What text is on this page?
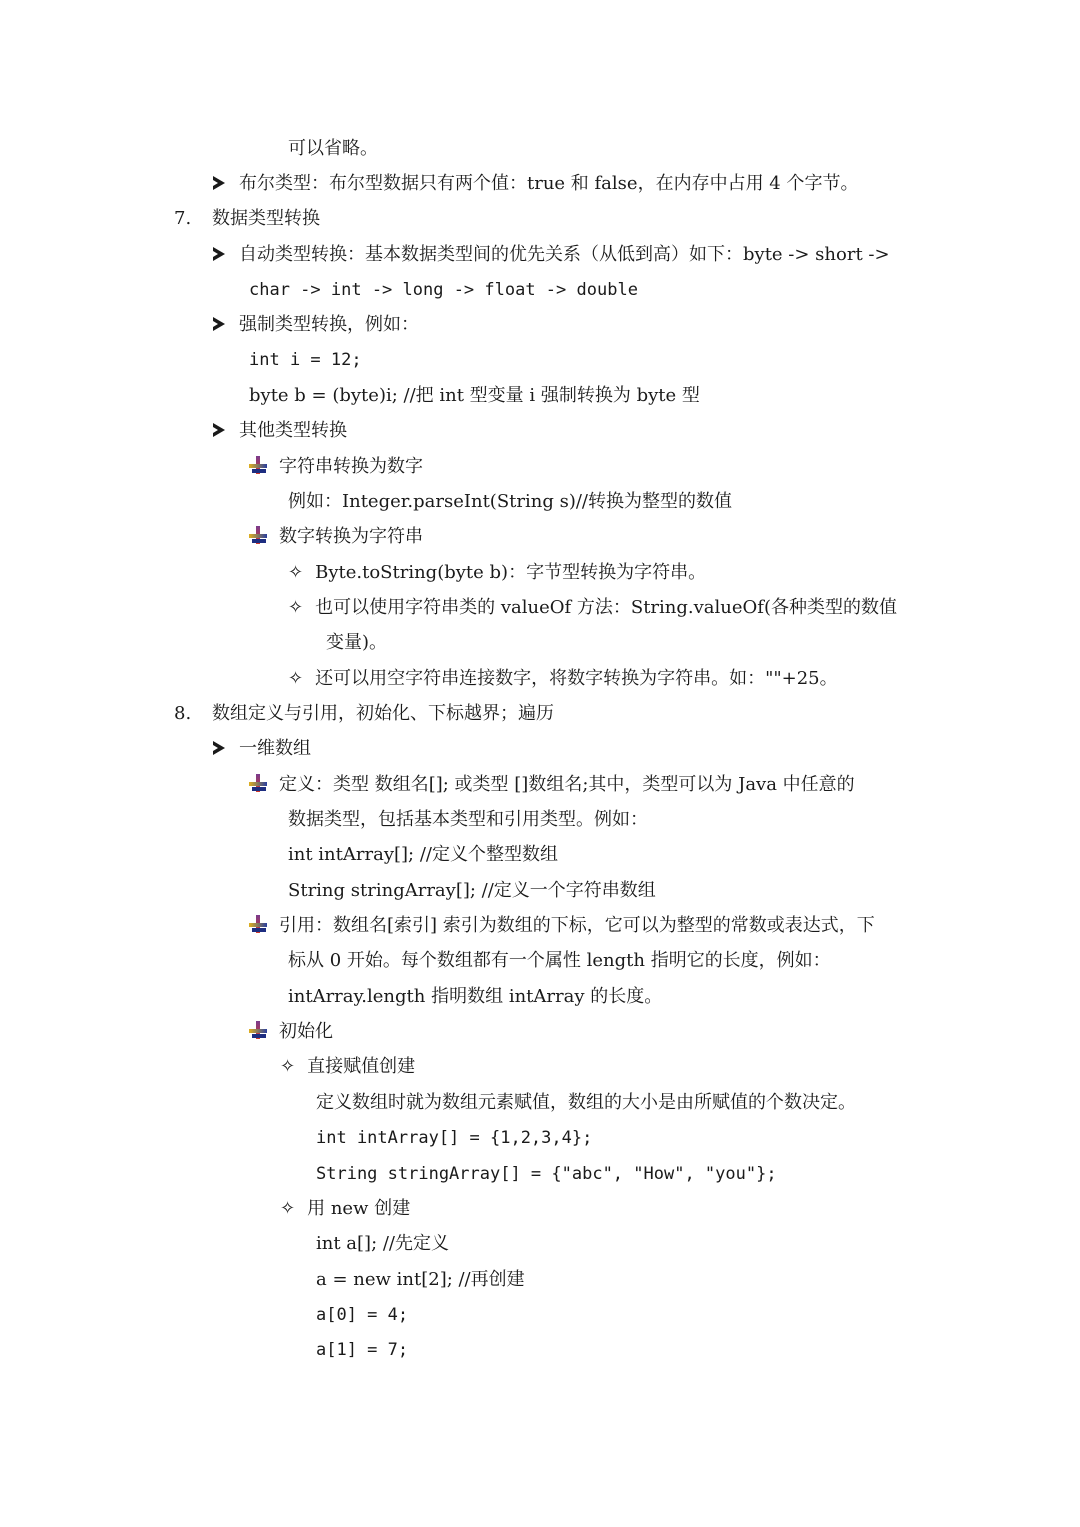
可以省略。
布尔类型：布尔型数据只有两个值：true 和 false，在内存中占用 4 个字节。
7. 数据类型转换
自动类型转换：基本数据类型间的优先关系（从低到高）如下：byte -> short ->
char -> int -> long -> float -> double
强制类型转换，例如：
int i = 12;
byte b = (byte)i; //把 int 型变量 i 强制转换为 byte 型
其他类型转换
字符串转换为数字
例如：Integer.parseInt(String s)//转换为整型的数值
数字转换为字符串
✧ Byte.toString(byte b)：字节型转换为字符串。
✧ 也可以使用字符串类的 valueOf 方法：String.valueOf(各种类型的数值
变量)。
✧ 还可以用空字符串连接数字，将数字转换为字符串。如：""+25。
8. 数组定义与引用，初始化、下标越界；遍历
一维数组
定义：类型 数组名[]; 或类型 []数组名;其中，类型可以为 Java 中任意的
数据类型，包括基本类型和引用类型。例如：
int intArray[]; //定义个整型数组
String stringArray[]; //定义一个字符串数组
引用：数组名[索引] 索引为数组的下标，它可以为整型的常数或表达式，下
标从 0 开始。每个数组都有一个属性 length 指明它的长度，例如：
intArray.length 指明数组 intArray 的长度。
初始化
✧ 直接赋值创建
定义数组时就为数组元素赋值，数组的大小是由所赋值的个数决定。
int intArray[] = {1,2,3,4};
String stringArray[] = {"abc", "How", "you"};
✧ 用 new 创建
int a[]; //先定义
a = new int[2]; //再创建
a[0] = 4;
a[1] = 7;
